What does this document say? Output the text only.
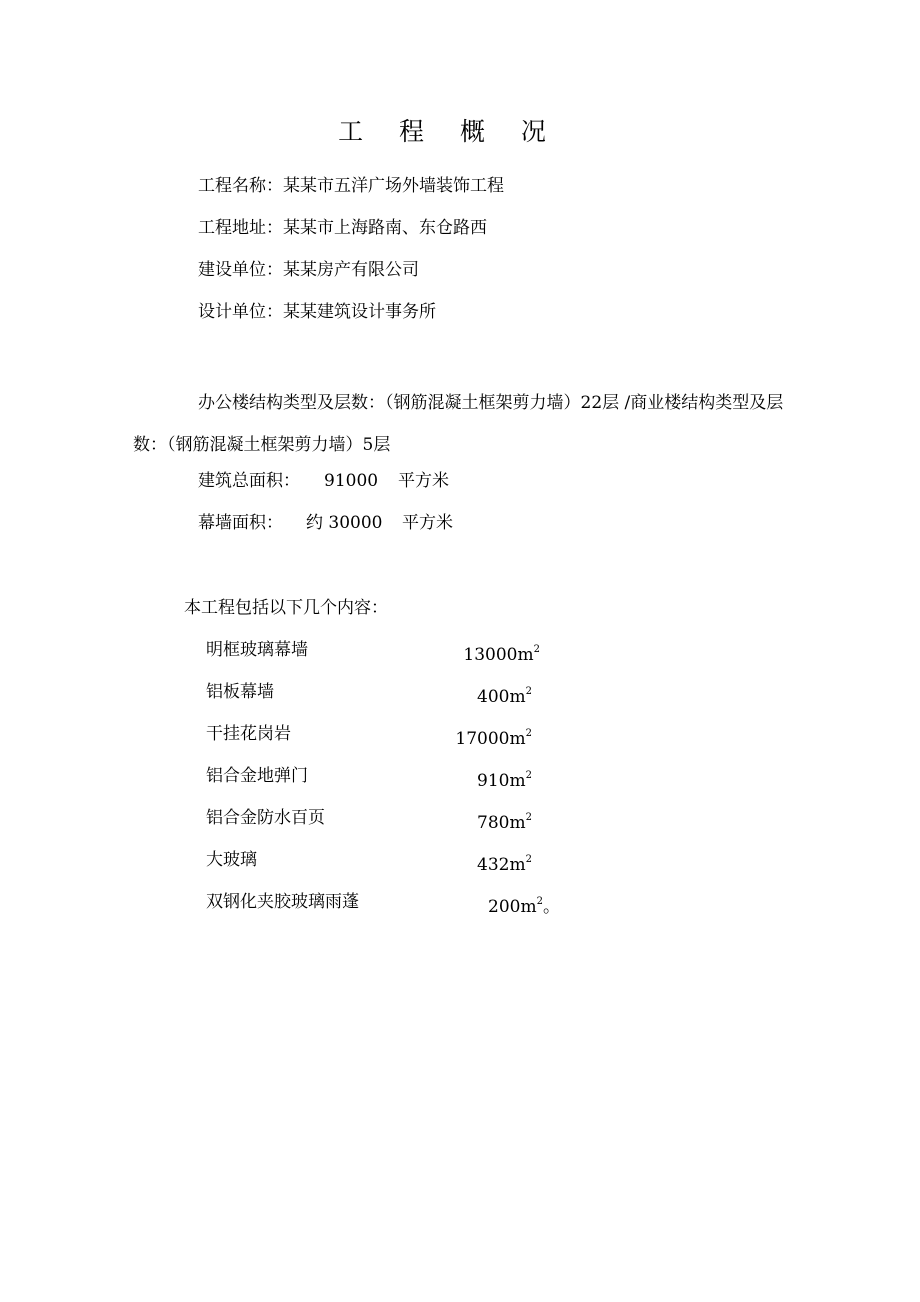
工 程 概 况
工程名称：某某市五洋广场外墙装饰工程
工程地址：某某市上海路南、东仓路西
建设单位：某某房产有限公司
设计单位：某某建筑设计事务所
办公楼结构类型及层数：（钢筋混凝土框架剪力墙）22层 /商业楼结构类型及层数：（钢筋混凝土框架剪力墙）5层
建筑总面积： 91000 平方米
幕墙面积： 约 30000 平方米
本工程包括以下几个内容：
明框玻璃幕墙	$13000m^2$
铝板幕墙	$400m^2$
干挂花岗岩	$17000m^2$
铝合金地弹门	$910m^2$
铝合金防水百页	$780m^2$
大玻璃	$432m^2$
双钢化夹胶玻璃雨蓬	$200m^2$。
